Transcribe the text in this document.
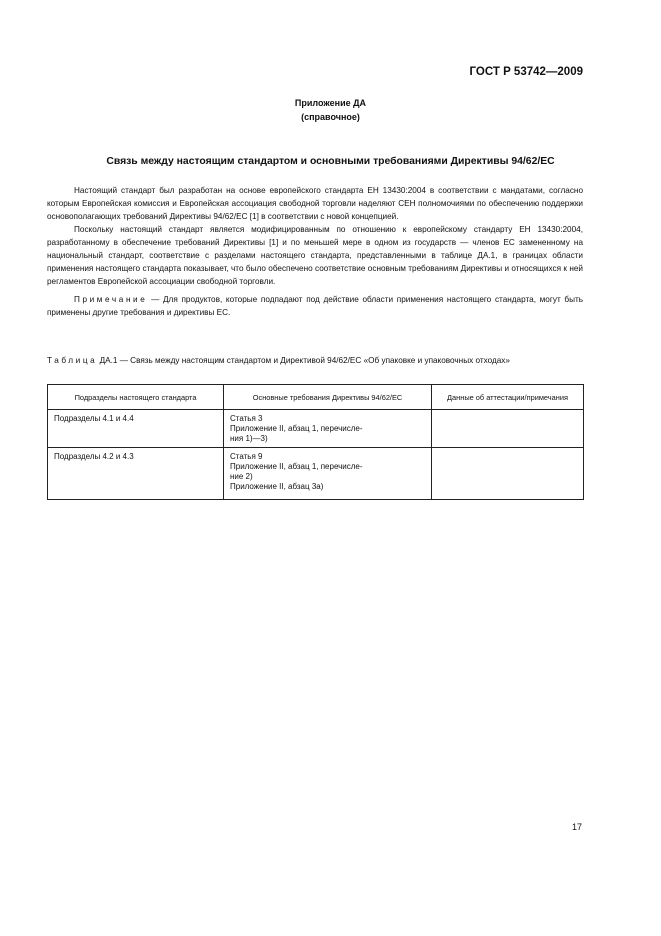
ГОСТ Р 53742—2009
Приложение ДА
(справочное)
Связь между настоящим стандартом и основными требованиями Директивы 94/62/ЕС

Настоящий стандарт был разработан на основе европейского стандарта ЕН 13430:2004 в соответствии с мандатами, согласно которым Европейская комиссия и Европейская ассоциация свободной торговли наделяют СЕН полномочиями по обеспечению поддержки основополагающих требований Директивы 94/62/ЕС [1] в соответствии с новой концепцией.

Поскольку настоящий стандарт является модифицированным по отношению к европейскому стандарту ЕН 13430:2004, разработанному в обеспечение требований Директивы [1] и по меньшей мере в одном из государств — членов ЕС замененному на национальный стандарт, соответствие с разделами настоящего стандарта, представленными в таблице ДА.1, в границах области применения настоящего стандарта показывает, что было обеспечено соответствие основным требованиям Директивы и относящихся к ней регламентов Европейской ассоциации свободной торговли.

Примечание — Для продуктов, которые подпадают под действие области применения настоящего стандарта, могут быть применены другие требования и директивы ЕС.

Таблица ДА.1 — Связь между настоящим стандартом и Директивой 94/62/ЕС «Об упаковке и упаковочных отходах»
Подразделы настоящего стандарта	Основные требования Директивы 94/62/ЕС	Данные об аттестации/примечания
Подразделы 4.1 и 4.4	Статья 3
Приложение II, абзац 1, перечисле-
ния 1)—3)	

Подразделы 4.2 и 4.3	Статья 9
Приложение II, абзац 1, перечисле-
ние 2)
Приложение II, абзац 3а)	

17
